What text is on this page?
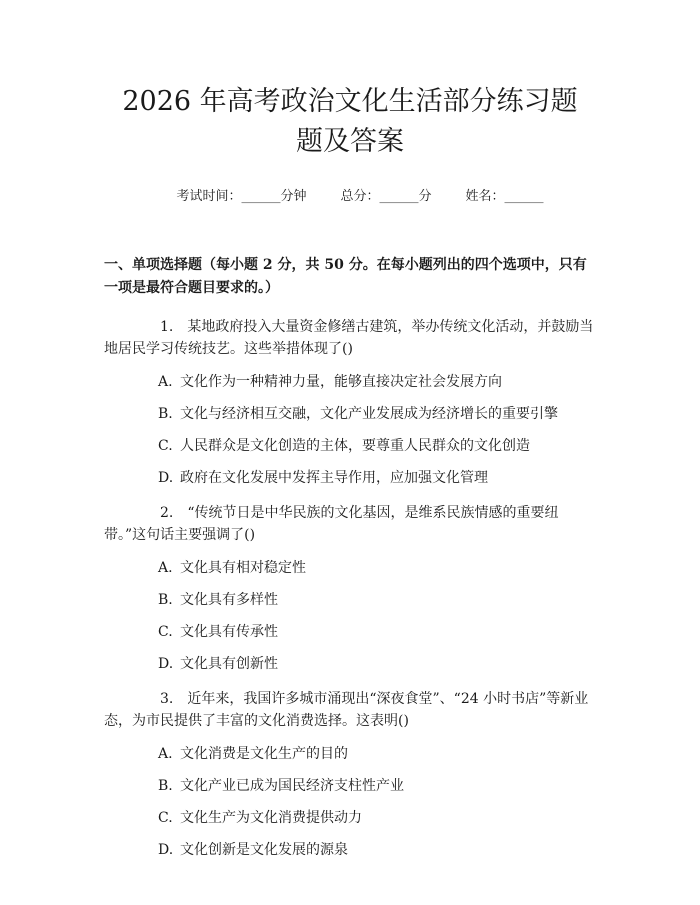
2026 年高考政治文化生活部分练习题题及答案
考试时间：______分钟	总分：______分	姓名：______
一、单项选择题（每小题 2 分，共 50 分。在每小题列出的四个选项中，只有一项是最符合题目要求的。）
1. 某地政府投入大量资金修缮古建筑，举办传统文化活动，并鼓励当地居民学习传统技艺。这些举措体现了()
A. 文化作为一种精神力量，能够直接决定社会发展方向
B. 文化与经济相互交融，文化产业发展成为经济增长的重要引擎
C. 人民群众是文化创造的主体，要尊重人民群众的文化创造
D. 政府在文化发展中发挥主导作用，应加强文化管理
2. “传统节日是中华民族的文化基因，是维系民族情感的重要纽带。”这句话主要强调了()
A. 文化具有相对稳定性
B. 文化具有多样性
C. 文化具有传承性
D. 文化具有创新性
3. 近年来，我国许多城市涌现出“深夜食堂”、“24 小时书店”等新业态，为市民提供了丰富的文化消费选择。这表明()
A. 文化消费是文化生产的目的
B. 文化产业已成为国民经济支柱性产业
C. 文化生产为文化消费提供动力
D. 文化创新是文化发展的源泉
